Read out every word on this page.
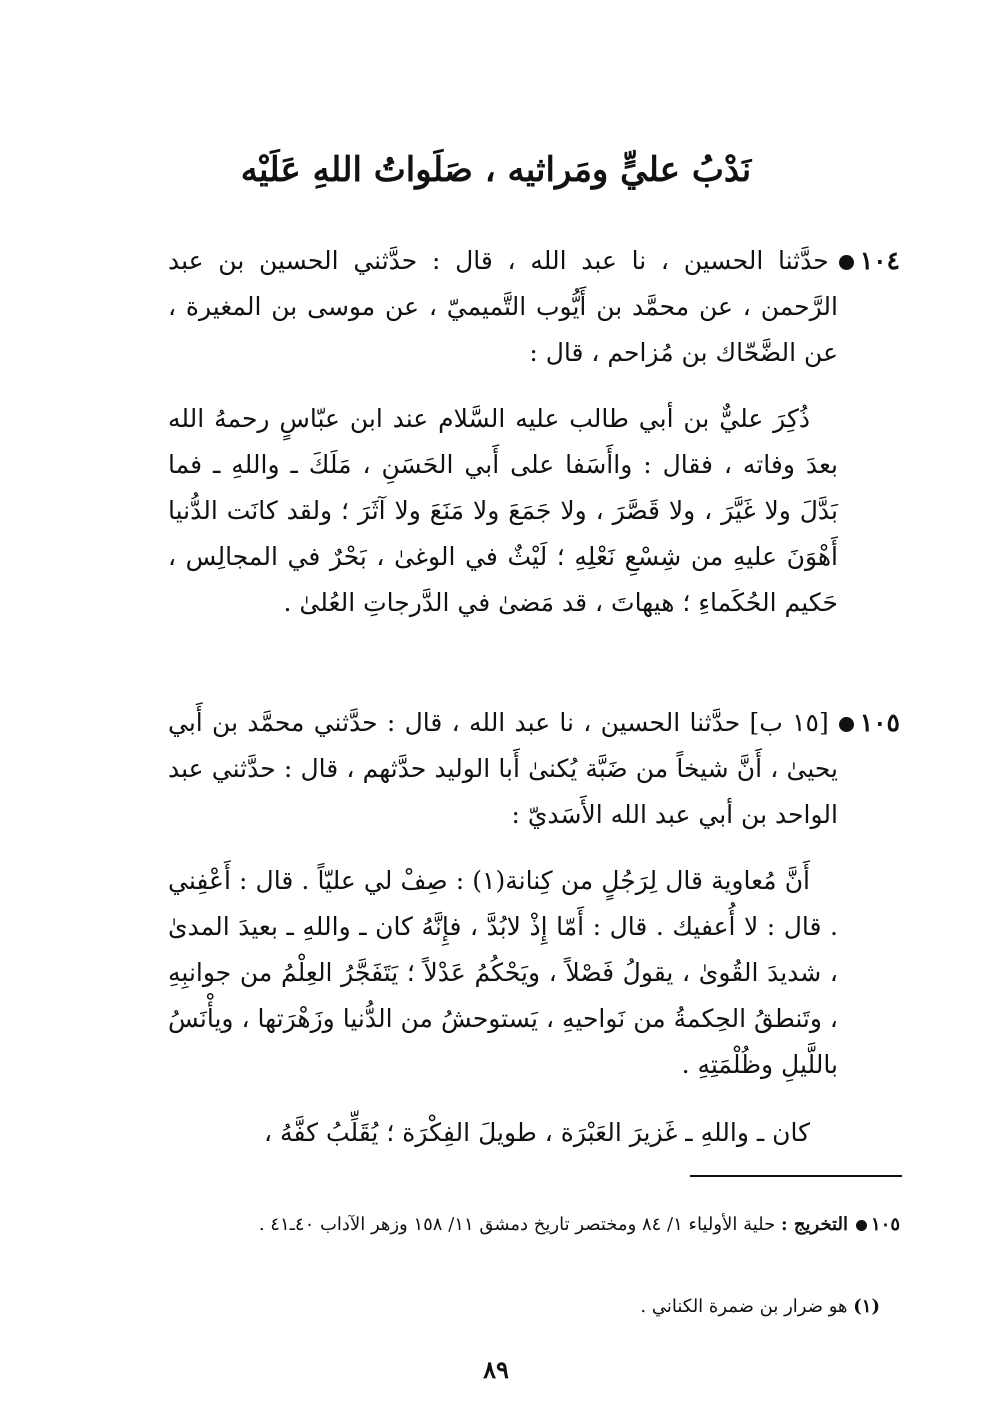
نَدْبُ عليٍّ ومَراثيه ، صَلَواتُ اللهِ عَلَيْه
١٠٤حدَّثنا الحسين ، نا عبد الله ، قال : حدَّثني الحسين بن عبد الرَّحمن ، عن محمَّد بن أَيُّوب التَّميميّ ، عن موسى بن المغيرة ، عن الضَّحّاك بن مُزاحم ، قال :
ذُكِرَ عليٌّ بن أبي طالب عليه السَّلام عند ابن عبّاسٍ رحمهُ الله بعدَ وفاته ، فقال : واأَسَفا على أَبي الحَسَنِ ، مَلَكَ ـ واللهِ ـ فما بَدَّلَ ولا غَيَّرَ ، ولا قَصَّرَ ، ولا جَمَعَ ولا مَنَعَ ولا آثَرَ ؛ ولقد كانَت الدُّنيا أَهْوَنَ عليهِ من شِسْعِ نَعْلِهِ ؛ لَيْثٌ في الوغىٰ ، بَحْرٌ في المجالِس ، حَكيم الحُكَماءِ ؛ هيهاتَ ، قد مَضىٰ في الدَّرجاتِ العُلىٰ .
١٠٥[١٥ ب] حدَّثنا الحسين ، نا عبد الله ، قال : حدَّثني محمَّد بن أَبي يحيىٰ ، أَنَّ شيخاً من ضَبَّة يُكنىٰ أَبا الوليد حدَّثهم ، قال : حدَّثني عبد الواحد بن أبي عبد الله الأَسَديّ :
أَنَّ مُعاوية قال لِرَجُلٍ من كِنانة(١) : صِفْ لي عليّاً . قال : أَعْفِني . قال : لا أُعفيك . قال : أَمّا إِذْ لابُدَّ ، فإِنَّهُ كان ـ واللهِ ـ بعيدَ المدىٰ ، شديدَ القُوىٰ ، يقولُ فَصْلاً ، ويَحْكُمُ عَدْلاً ؛ يَتَفَجَّرُ العِلْمُ من جوانبِهِ ، وتَنطقُ الحِكمةُ من نَواحيهِ ، يَستوحشُ من الدُّنيا وزَهْرَتها ، ويأْنَسُ باللَّيلِ وظُلْمَتِهِ .
كان ـ واللهِ ـ غَزيرَ العَبْرَة ، طويلَ الفِكْرَة ؛ يُقَلِّبُ كفَّهُ ،
١٠٥التخريج : حلية الأولياء ١/ ٨٤ ومختصر تاريخ دمشق ١١/ ١٥٨ وزهر الآداب ٤٠ـ٤١ .
(١) هو ضرار بن ضمرة الكناني .
٨٩
